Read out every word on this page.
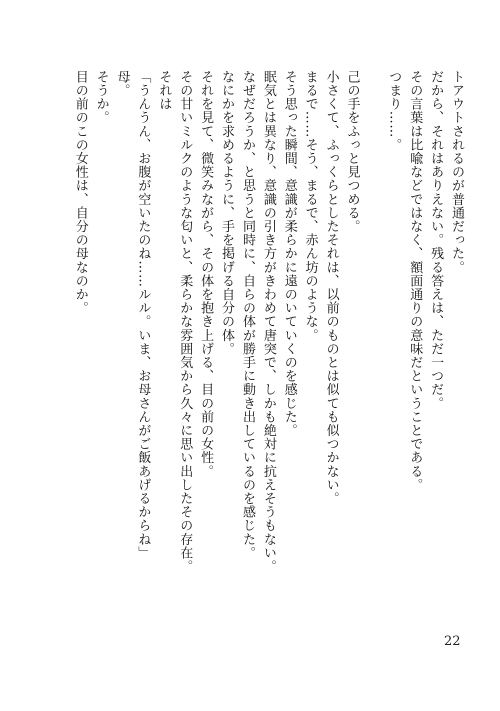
トアウトされるのが普通だった。
だから、それはありえない。残る答えは、ただ一つだ。
その言葉は比喩などではなく、額面通りの意味だということである。
つまり……。
己の手をふっと見つめる。
小さくて、ふっくらとしたそれは、以前のものとは似ても似つかない。
まるで……そう、まるで、赤ん坊のような。
そう思った瞬間、意識が柔らかに遠のいていくのを感じた。
眠気とは異なり、意識の引き方がきわめて唐突で、しかも絶対に抗えそうもない。
なぜだろうか、と思うと同時に、自らの体が勝手に動き出しているのを感じた。
なにかを求めるように、手を掲げる自分の体。
それを見て、微笑みながら、その体を抱き上げる、目の前の女性。
その甘いミルクのような匂いと、柔らかな雰囲気から久々に思い出したその存在。
それは
「うんうん、お腹が空いたのね……ルル。いま、お母さんがご飯あげるからね」
母。
そうか。
目の前のこの女性は、自分の母なのか。
22
